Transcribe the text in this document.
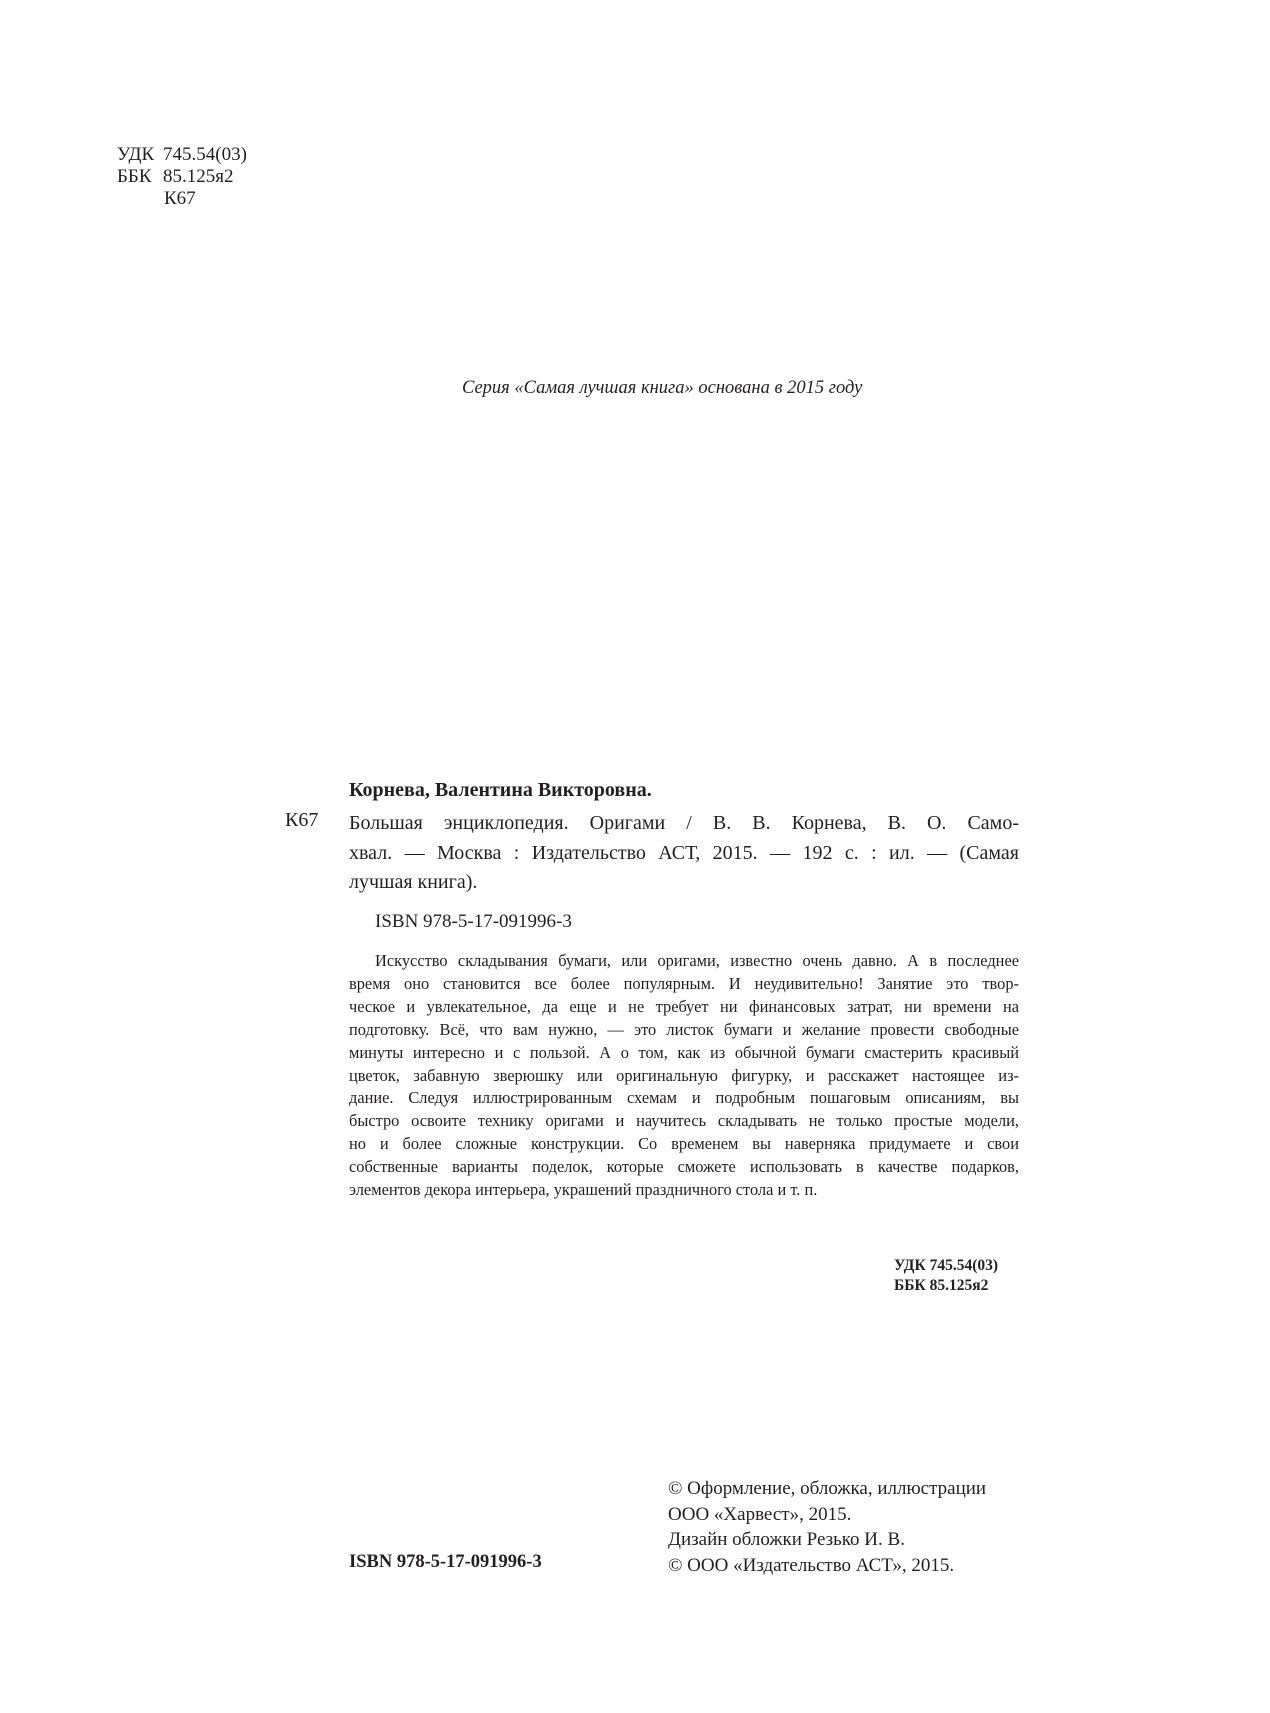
УДК 745.54(03)
ББК 85.125я2
К67
Серия «Самая лучшая книга» основана в 2015 году
Корнева, Валентина Викторовна.
К67 Большая энциклопедия. Оригами / В. В. Корнева, В. О. Само-
хвал. — Москва : Издательство АСТ, 2015. — 192 с. : ил. — (Самая
лучшая книга).
ISBN 978-5-17-091996-3
Искусство складывания бумаги, или оригами, известно очень давно. А в последнее
время оно становится все более популярным. И неудивительно! Занятие это твор-
ческое и увлекательное, да еще и не требует ни финансовых затрат, ни времени на
подготовку. Всё, что вам нужно, — это листок бумаги и желание провести свободные
минуты интересно и с пользой. А о том, как из обычной бумаги смастерить красивый
цветок, забавную зверюшку или оригинальную фигурку, и расскажет настоящее из-
дание. Следуя иллюстрированным схемам и подробным пошаговым описаниям, вы
быстро освоите технику оригами и научитесь складывать не только простые модели,
но и более сложные конструкции. Со временем вы наверняка придумаете и свои
собственные варианты поделок, которые сможете использовать в качестве подарков,
элементов декора интерьера, украшений праздничного стола и т. п.
УДК 745.54(03)
ББК 85.125я2
ISBN 978-5-17-091996-3
© Оформление, обложка, иллюстрации
ООО «Харвест», 2015.
Дизайн обложки Резько И. В.
© ООО «Издательство АСТ», 2015.
